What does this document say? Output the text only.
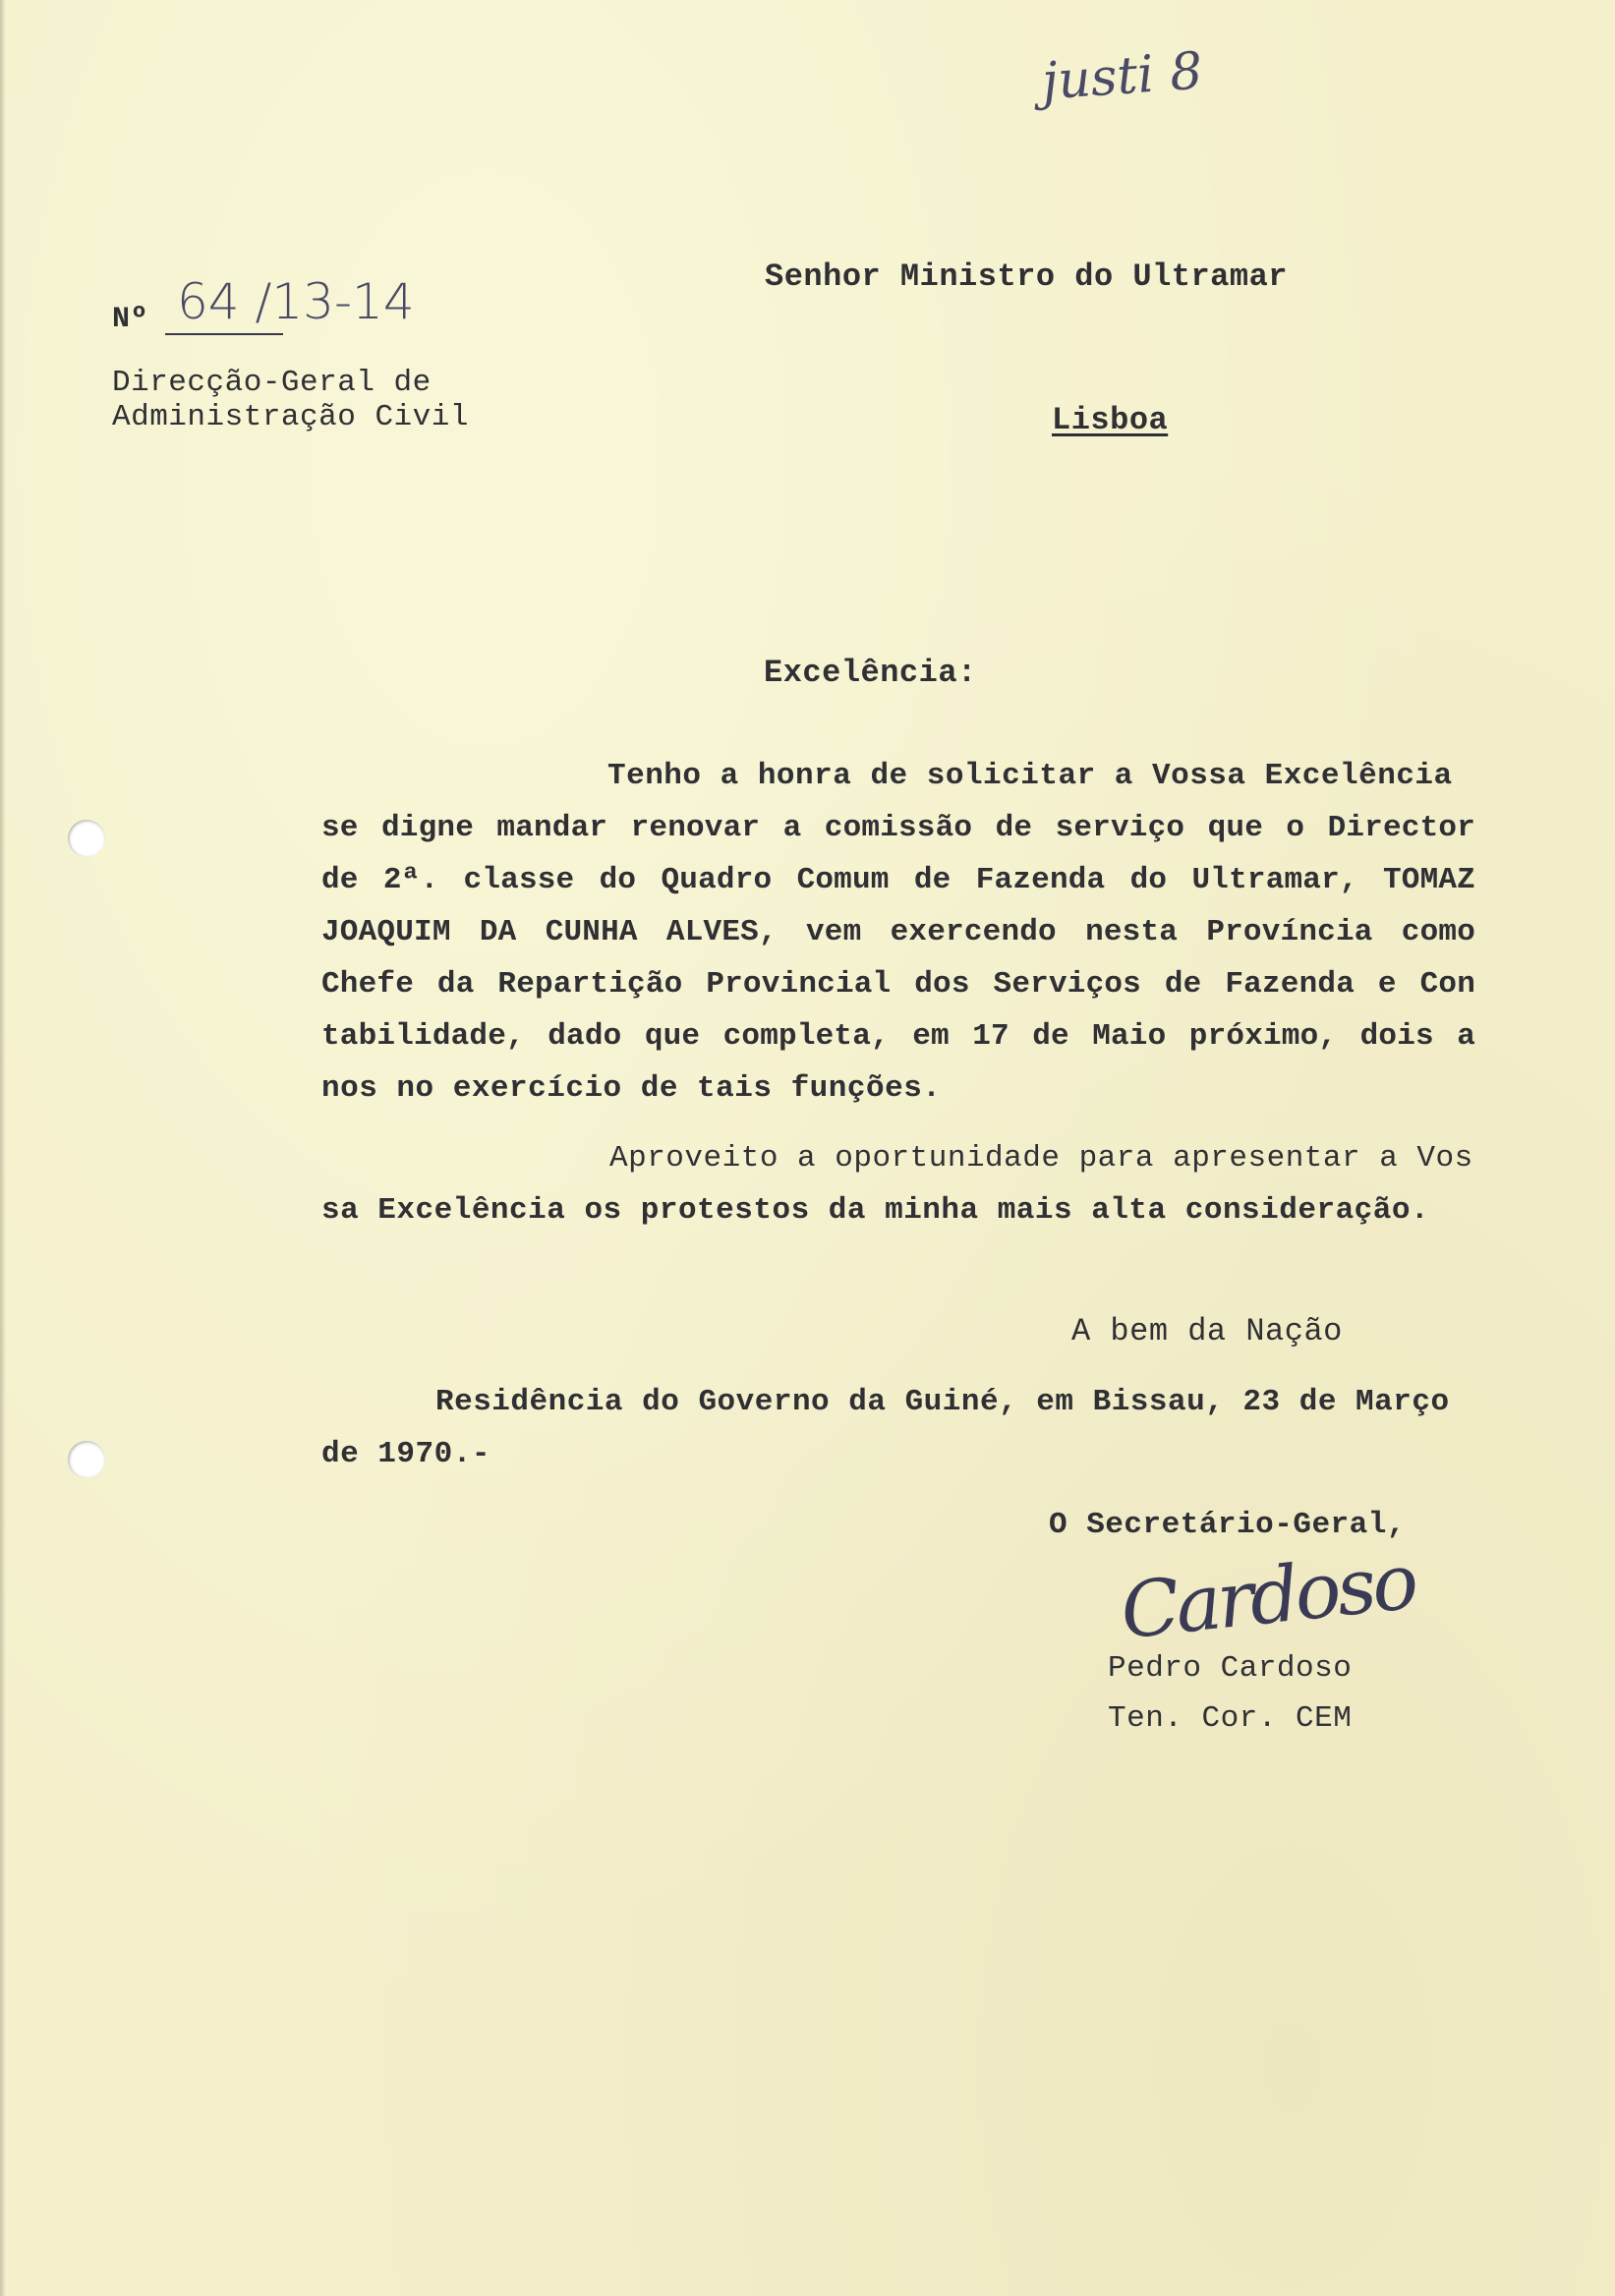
justi 8
Nº 64 /13-14
Direcção-Geral de
Administração Civil
Senhor Ministro do Ultramar
Lisboa
Excelência:
Tenho a honra de solicitar a Vossa Excelência
se digne mandar renovar a comissão de serviço que o Director
de 2ª. classe do Quadro Comum de Fazenda do Ultramar, TOMAZ
JOAQUIM DA CUNHA ALVES, vem exercendo nesta Província como
Chefe da Repartição Provincial dos Serviços de Fazenda e Con
tabilidade, dado que completa, em 17 de Maio próximo, dois a
nos no exercício de tais funções.
Aproveito a oportunidade para apresentar a Vos
sa Excelência os protestos da minha mais alta consideração.
A bem da Nação
Residência do Governo da Guiné, em Bissau, 23 de Março
de 1970.-
O Secretário-Geral,
Cardoso
Pedro Cardoso
Ten. Cor. CEM
